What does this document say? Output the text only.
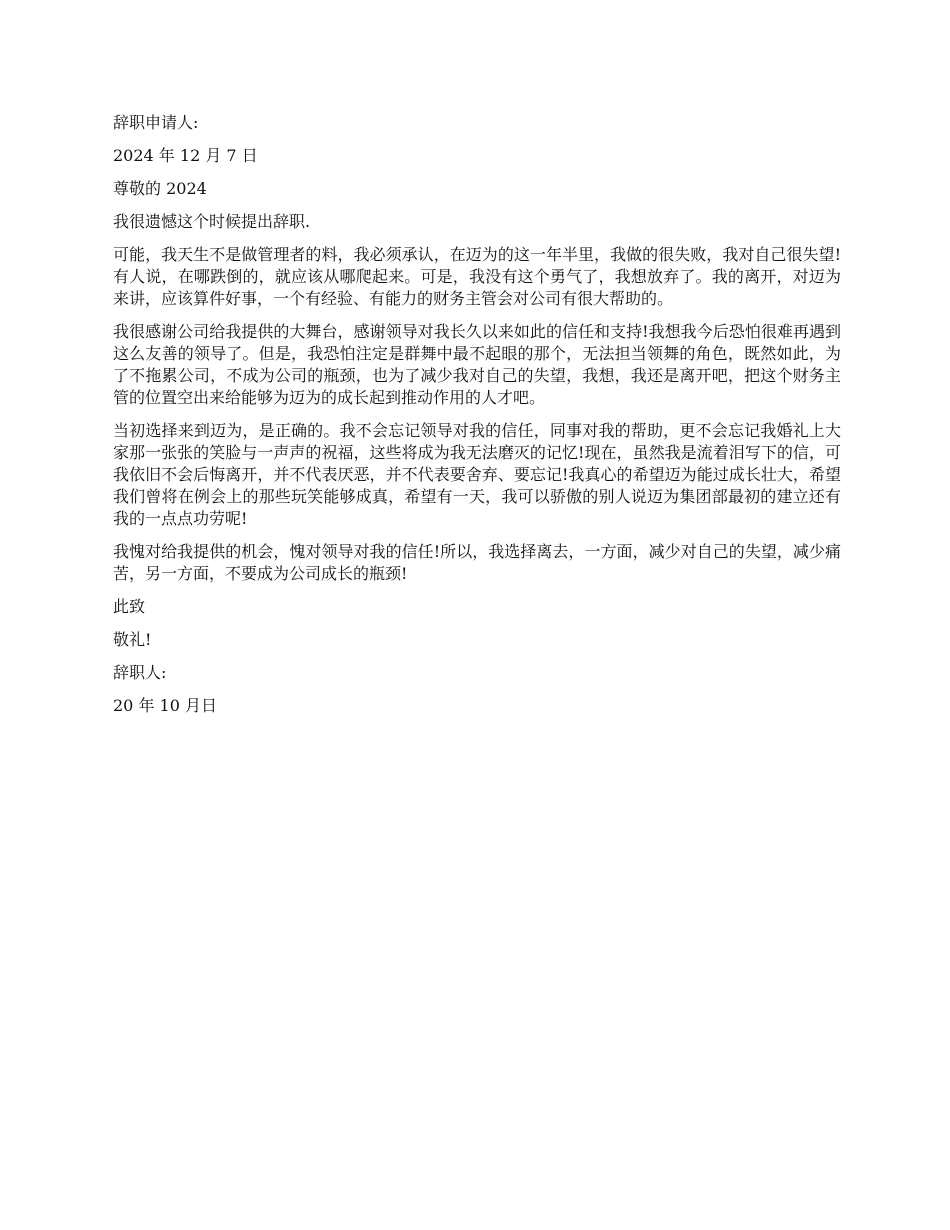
辞职申请人:

2024 年 12 月 7 日

尊敬的 2024

我很遗憾这个时候提出辞职.

可能，我天生不是做管理者的料，我必须承认，在迈为的这一年半里，我做的很失败，我对自己很失望!有人说，在哪跌倒的，就应该从哪爬起来。可是，我没有这个勇气了，我想放弃了。我的离开，对迈为来讲，应该算件好事，一个有经验、有能力的财务主管会对公司有很大帮助的。

我很感谢公司给我提供的大舞台，感谢领导对我长久以来如此的信任和支持!我想我今后恐怕很难再遇到这么友善的领导了。但是，我恐怕注定是群舞中最不起眼的那个，无法担当领舞的角色，既然如此，为了不拖累公司，不成为公司的瓶颈，也为了减少我对自己的失望，我想，我还是离开吧，把这个财务主管的位置空出来给能够为迈为的成长起到推动作用的人才吧。

当初选择来到迈为，是正确的。我不会忘记领导对我的信任，同事对我的帮助，更不会忘记我婚礼上大家那一张张的笑脸与一声声的祝福，这些将成为我无法磨灭的记忆!现在，虽然我是流着泪写下的信，可我依旧不会后悔离开，并不代表厌恶，并不代表要舍弃、要忘记!我真心的希望迈为能过成长壮大，希望我们曾将在例会上的那些玩笑能够成真，希望有一天，我可以骄傲的别人说迈为集团部最初的建立还有我的一点点功劳呢!

我愧对给我提供的机会，愧对领导对我的信任!所以，我选择离去，一方面，减少对自己的失望，减少痛苦，另一方面，不要成为公司成长的瓶颈!

此致

敬礼!

辞职人:

20 年 10 月日
